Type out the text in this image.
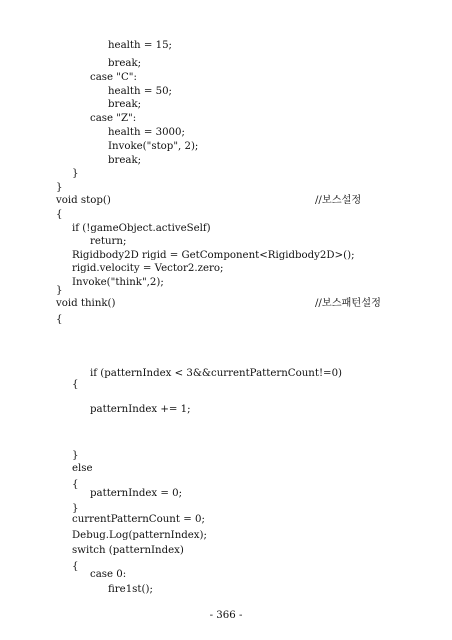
health = 15;
break;
case "C":
health = 50;
break;
case "Z":
health = 3000;
Invoke("stop", 2);
break;
}
}
void stop()
{
if (!gameObject.activeSelf)
return;
Rigidbody2D rigid = GetComponent<Rigidbody2D>();
rigid.velocity = Vector2.zero;
Invoke("think",2);
}
void think()
{
if (patternIndex < 3&&currentPatternCount!=0)
{
patternIndex += 1;
}
else
{
patternIndex = 0;
}
currentPatternCount = 0;
Debug.Log(patternIndex);
switch (patternIndex)
{
case 0:
fire1st();
//보스설정
//보스패턴설정
- 366 -
